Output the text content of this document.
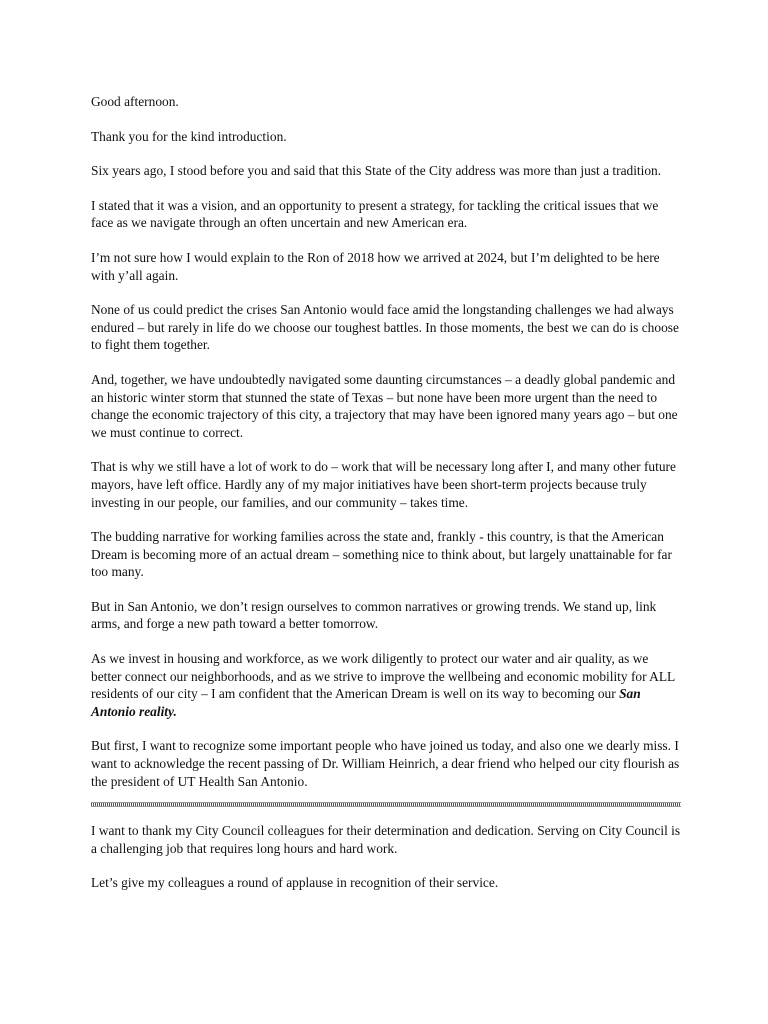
Good afternoon.

Thank you for the kind introduction.

Six years ago, I stood before you and said that this State of the City address was more than just a tradition.

I stated that it was a vision, and an opportunity to present a strategy, for tackling the critical issues that we face as we navigate through an often uncertain and new American era.

I’m not sure how I would explain to the Ron of 2018 how we arrived at 2024, but I’m delighted to be here with y’all again.

None of us could predict the crises San Antonio would face amid the longstanding challenges we had always endured – but rarely in life do we choose our toughest battles. In those moments, the best we can do is choose to fight them together.

And, together, we have undoubtedly navigated some daunting circumstances – a deadly global pandemic and an historic winter storm that stunned the state of Texas – but none have been more urgent than the need to change the economic trajectory of this city, a trajectory that may have been ignored many years ago – but one we must continue to correct.

That is why we still have a lot of work to do – work that will be necessary long after I, and many other future mayors, have left office. Hardly any of my major initiatives have been short-term projects because truly investing in our people, our families, and our community – takes time.

The budding narrative for working families across the state and, frankly - this country, is that the American Dream is becoming more of an actual dream – something nice to think about, but largely unattainable for far too many.

But in San Antonio, we don’t resign ourselves to common narratives or growing trends. We stand up, link arms, and forge a new path toward a better tomorrow.

As we invest in housing and workforce, as we work diligently to protect our water and air quality, as we better connect our neighborhoods, and as we strive to improve the wellbeing and economic mobility for ALL residents of our city – I am confident that the American Dream is well on its way to becoming our San Antonio reality.

But first, I want to recognize some important people who have joined us today, and also one we dearly miss. I want to acknowledge the recent passing of Dr. William Heinrich, a dear friend who helped our city flourish as the president of UT Health San Antonio.

I want to thank my City Council colleagues for their determination and dedication. Serving on City Council is a challenging job that requires long hours and hard work.

Let’s give my colleagues a round of applause in recognition of their service.
